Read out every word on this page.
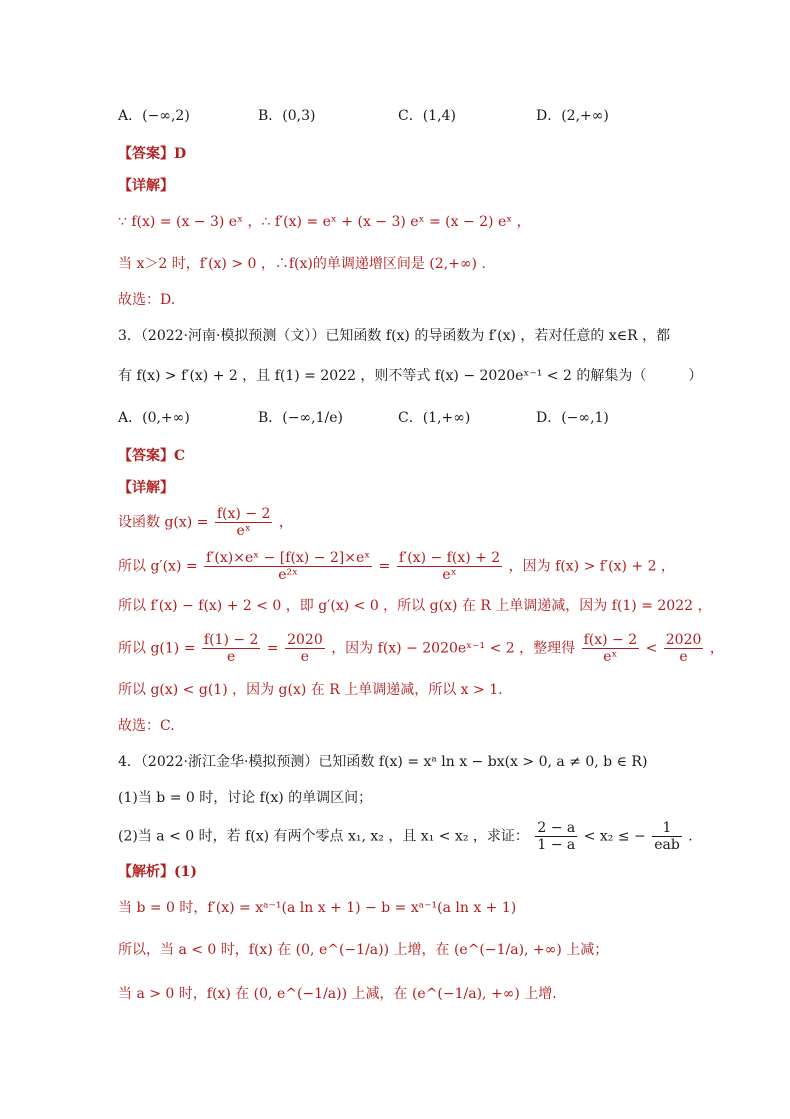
A．(−∞,2)	B．(0,3)	C．(1,4)	D．(2,+∞)
【答案】D
【详解】
∵ f(x) = (x − 3) eˣ ，∴ f′(x) = eˣ + (x − 3) eˣ = (x − 2) eˣ ，
当 x＞2 时，f′(x) > 0 ，∴f(x)的单调递增区间是 (2,+∞) .
故选：D.
3．（2022·河南·模拟预测（文））已知函数 f(x) 的导函数为 f′(x) ，若对任意的 x∈R ，都
有 f(x) > f′(x) + 2 ，且 f(1) = 2022 ，则不等式 f(x) − 2020eˣ⁻¹ < 2 的解集为（　　　）
A．(0,+∞)	B．(−∞,1/e)	C．(1,+∞)	D．(−∞,1)
【答案】C
【详解】
设函数 $g(x) = \frac{f(x) - 2}{\text{eˣ}}$ ，
所以 $g'(x) = \frac{\text{f′(x)×eˣ − [f(x) − 2]×eˣ}}{\text{e²ˣ}} = \frac{f'(x) - f(x) + 2}{\text{eˣ}}$ ，因为 f(x) > f′(x) + 2 ，
所以 f′(x) − f(x) + 2 < 0 ，即 g′(x) < 0 ，所以 g(x) 在 R 上单调递减，因为 f(1) = 2022 ，
所以 $g(1) = \frac{f(1) - 2}{e} = \frac{2020}{e}$ ，因为 f(x) − 2020eˣ⁻¹ < 2 ，整理得 $\frac{f(x) - 2}{\text{eˣ}} < \frac{2020}{e}$ ，
所以 g(x) < g(1) ，因为 g(x) 在 R 上单调递减，所以 x > 1.
故选：C.
4．（2022·浙江金华·模拟预测）已知函数 f(x) = xᵃ ln x − bx(x > 0, a ≠ 0, b ∈ R)
(1)当 b = 0 时，讨论 f(x) 的单调区间；
(2)当 a < 0 时，若 f(x) 有两个零点 x₁, x₂ ，且 x₁ < x₂ ，求证： $\frac{2 - a}{1 - a} < x_2$ ≤ − $\frac{1}{\text{eab}}$ .
【解析】(1)
当 b = 0 时，f′(x) = xᵃ⁻¹(a ln x + 1) − b = xᵃ⁻¹(a ln x + 1)
所以，当 a < 0 时，f(x) 在 (0, e^(−1/a)) 上增，在 (e^(−1/a), +∞) 上减；
当 a > 0 时，f(x) 在 (0, e^(−1/a)) 上减，在 (e^(−1/a), +∞) 上增.
